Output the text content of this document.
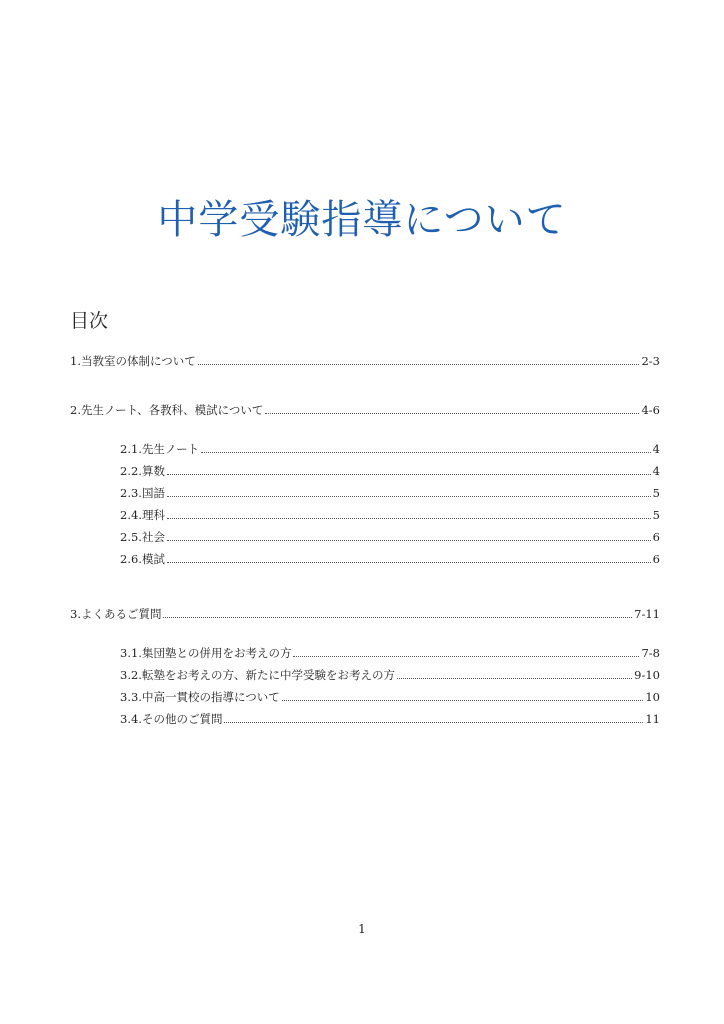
中学受験指導について
目次
1.当教室の体制について	2-3
2.先生ノート、各教科、模試について	4-6
2.1.先生ノート	4
2.2.算数	4
2.3.国語	5
2.4.理科	5
2.5.社会	6
2.6.模試	6
3.よくあるご質問	7-11
3.1.集団塾との併用をお考えの方	7-8
3.2.転塾をお考えの方、新たに中学受験をお考えの方	9-10
3.3.中高一貫校の指導について	10
3.4.その他のご質問	11
1
